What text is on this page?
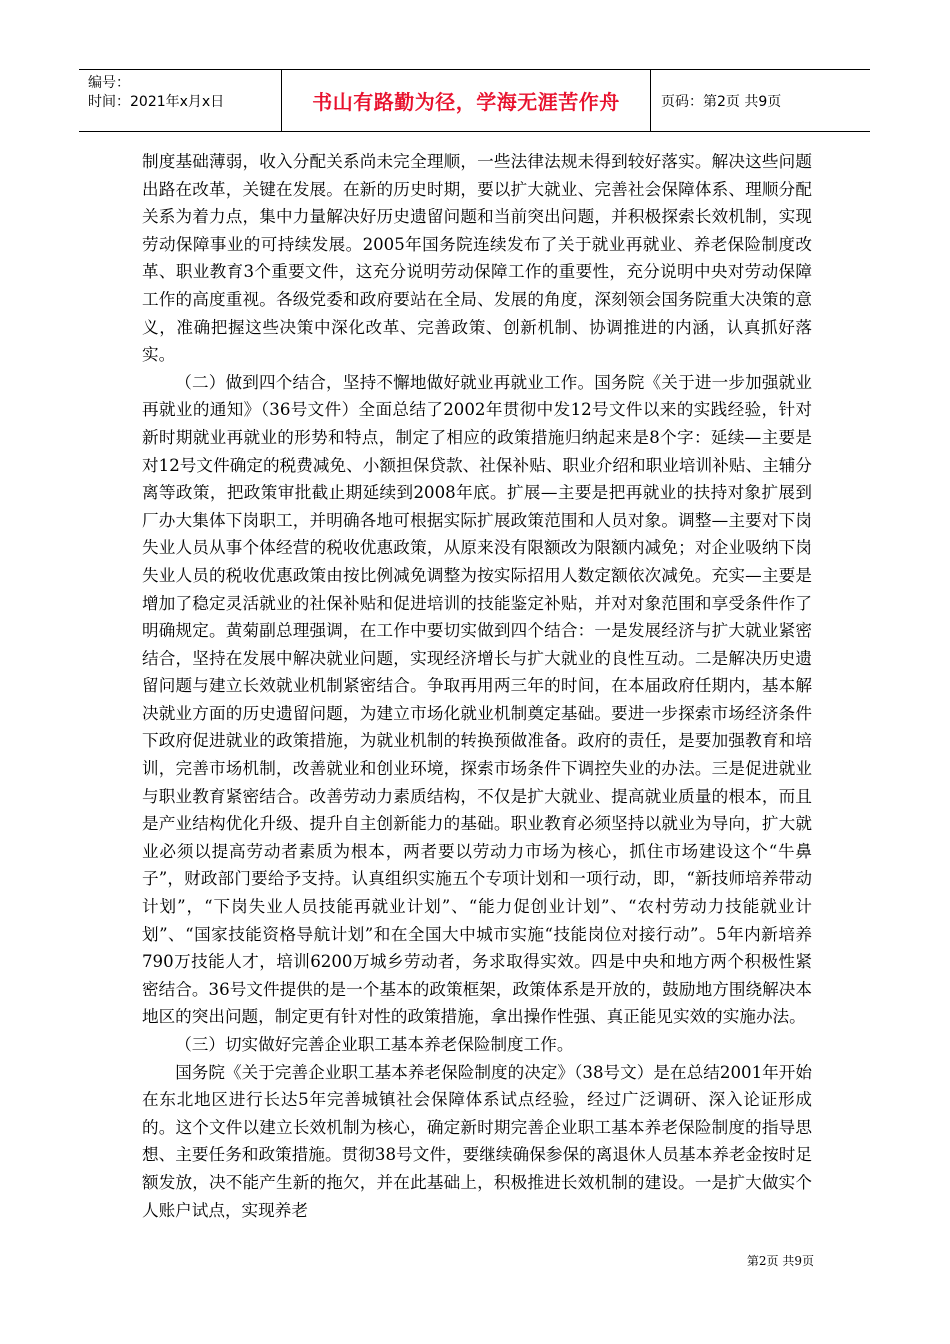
编号：
时间：2021年x月x日	书山有路勤为径，学海无涯苦作舟	页码：第2页 共9页

制度基础薄弱，收入分配关系尚未完全理顺，一些法律法规未得到较好落实。解决这些问题出路在改革，关键在发展。在新的历史时期，要以扩大就业、完善社会保障体系、理顺分配关系为着力点，集中力量解决好历史遗留问题和当前突出问题，并积极探索长效机制，实现劳动保障事业的可持续发展。2005年国务院连续发布了关于就业再就业、养老保险制度改革、职业教育3个重要文件，这充分说明劳动保障工作的重要性，充分说明中央对劳动保障工作的高度重视。各级党委和政府要站在全局、发展的角度，深刻领会国务院重大决策的意义，准确把握这些决策中深化改革、完善政策、创新机制、协调推进的内涵，认真抓好落实。

（二）做到四个结合，坚持不懈地做好就业再就业工作。国务院《关于进一步加强就业再就业的通知》（36号文件）全面总结了2002年贯彻中发12号文件以来的实践经验，针对新时期就业再就业的形势和特点，制定了相应的政策措施归纳起来是8个字：延续—主要是对12号文件确定的税费减免、小额担保贷款、社保补贴、职业介绍和职业培训补贴、主辅分离等政策，把政策审批截止期延续到2008年底。扩展—主要是把再就业的扶持对象扩展到厂办大集体下岗职工，并明确各地可根据实际扩展政策范围和人员对象。调整—主要对下岗失业人员从事个体经营的税收优惠政策，从原来没有限额改为限额内减免；对企业吸纳下岗失业人员的税收优惠政策由按比例减免调整为按实际招用人数定额依次减免。充实—主要是增加了稳定灵活就业的社保补贴和促进培训的技能鉴定补贴，并对对象范围和享受条件作了明确规定。黄菊副总理强调，在工作中要切实做到四个结合：一是发展经济与扩大就业紧密结合，坚持在发展中解决就业问题，实现经济增长与扩大就业的良性互动。二是解决历史遗留问题与建立长效就业机制紧密结合。争取再用两三年的时间，在本届政府任期内，基本解决就业方面的历史遗留问题，为建立市场化就业机制奠定基础。要进一步探索市场经济条件下政府促进就业的政策措施，为就业机制的转换预做准备。政府的责任，是要加强教育和培训，完善市场机制，改善就业和创业环境，探索市场条件下调控失业的办法。三是促进就业与职业教育紧密结合。改善劳动力素质结构，不仅是扩大就业、提高就业质量的根本，而且是产业结构优化升级、提升自主创新能力的基础。职业教育必须坚持以就业为导向，扩大就业必须以提高劳动者素质为根本，两者要以劳动力市场为核心，抓住市场建设这个“牛鼻子”，财政部门要给予支持。认真组织实施五个专项计划和一项行动，即，“新技师培养带动计划”，“下岗失业人员技能再就业计划”、“能力促创业计划”、“农村劳动力技能就业计划”、“国家技能资格导航计划”和在全国大中城市实施“技能岗位对接行动”。5年内新培养790万技能人才，培训6200万城乡劳动者，务求取得实效。四是中央和地方两个积极性紧密结合。36号文件提供的是一个基本的政策框架，政策体系是开放的，鼓励地方围绕解决本地区的突出问题，制定更有针对性的政策措施，拿出操作性强、真正能见实效的实施办法。

（三）切实做好完善企业职工基本养老保险制度工作。

国务院《关于完善企业职工基本养老保险制度的决定》（38号文）是在总结2001年开始在东北地区进行长达5年完善城镇社会保障体系试点经验，经过广泛调研、深入论证形成的。这个文件以建立长效机制为核心，确定新时期完善企业职工基本养老保险制度的指导思想、主要任务和政策措施。贯彻38号文件，要继续确保参保的离退休人员基本养老金按时足额发放，决不能产生新的拖欠，并在此基础上，积极推进长效机制的建设。一是扩大做实个人账户试点，实现养老

第2页 共9页
